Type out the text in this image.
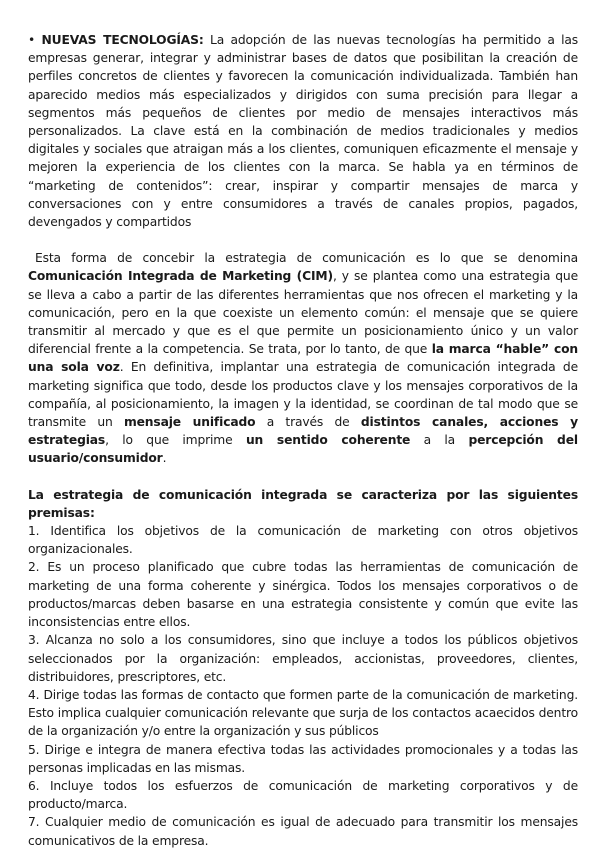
• NUEVAS TECNOLOGÍAS: La adopción de las nuevas tecnologías ha permitido a las empresas generar, integrar y administrar bases de datos que posibilitan la creación de perfiles concretos de clientes y favorecen la comunicación individualizada. También han aparecido medios más especializados y dirigidos con suma precisión para llegar a segmentos más pequeños de clientes por medio de mensajes interactivos más personalizados. La clave está en la combinación de medios tradicionales y medios digitales y sociales que atraigan más a los clientes, comuniquen eficazmente el mensaje y mejoren la experiencia de los clientes con la marca. Se habla ya en términos de “marketing de contenidos”: crear, inspirar y compartir mensajes de marca y conversaciones con y entre consumidores a través de canales propios, pagados, devengados y compartidos

Esta forma de concebir la estrategia de comunicación es lo que se denomina Comunicación Integrada de Marketing (CIM), y se plantea como una estrategia que se lleva a cabo a partir de las diferentes herramientas que nos ofrecen el marketing y la comunicación, pero en la que coexiste un elemento común: el mensaje que se quiere transmitir al mercado y que es el que permite un posicionamiento único y un valor diferencial frente a la competencia. Se trata, por lo tanto, de que la marca “hable” con una sola voz. En definitiva, implantar una estrategia de comunicación integrada de marketing significa que todo, desde los productos clave y los mensajes corporativos de la compañía, al posicionamiento, la imagen y la identidad, se coordinan de tal modo que se transmite un mensaje unificado a través de distintos canales, acciones y estrategias, lo que imprime un sentido coherente a la percepción del usuario/consumidor.

La estrategia de comunicación integrada se caracteriza por las siguientes premisas:

1. Identifica los objetivos de la comunicación de marketing con otros objetivos organizacionales.

2. Es un proceso planificado que cubre todas las herramientas de comunicación de marketing de una forma coherente y sinérgica. Todos los mensajes corporativos o de productos/marcas deben basarse en una estrategia consistente y común que evite las inconsistencias entre ellos.

3. Alcanza no solo a los consumidores, sino que incluye a todos los públicos objetivos seleccionados por la organización: empleados, accionistas, proveedores, clientes, distribuidores, prescriptores, etc.

4. Dirige todas las formas de contacto que formen parte de la comunicación de marketing. Esto implica cualquier comunicación relevante que surja de los contactos acaecidos dentro de la organización y/o entre la organización y sus públicos

5. Dirige e integra de manera efectiva todas las actividades promocionales y a todas las personas implicadas en las mismas.

6. Incluye todos los esfuerzos de comunicación de marketing corporativos y de producto/marca.

7. Cualquier medio de comunicación es igual de adecuado para transmitir los mensajes comunicativos de la empresa.
